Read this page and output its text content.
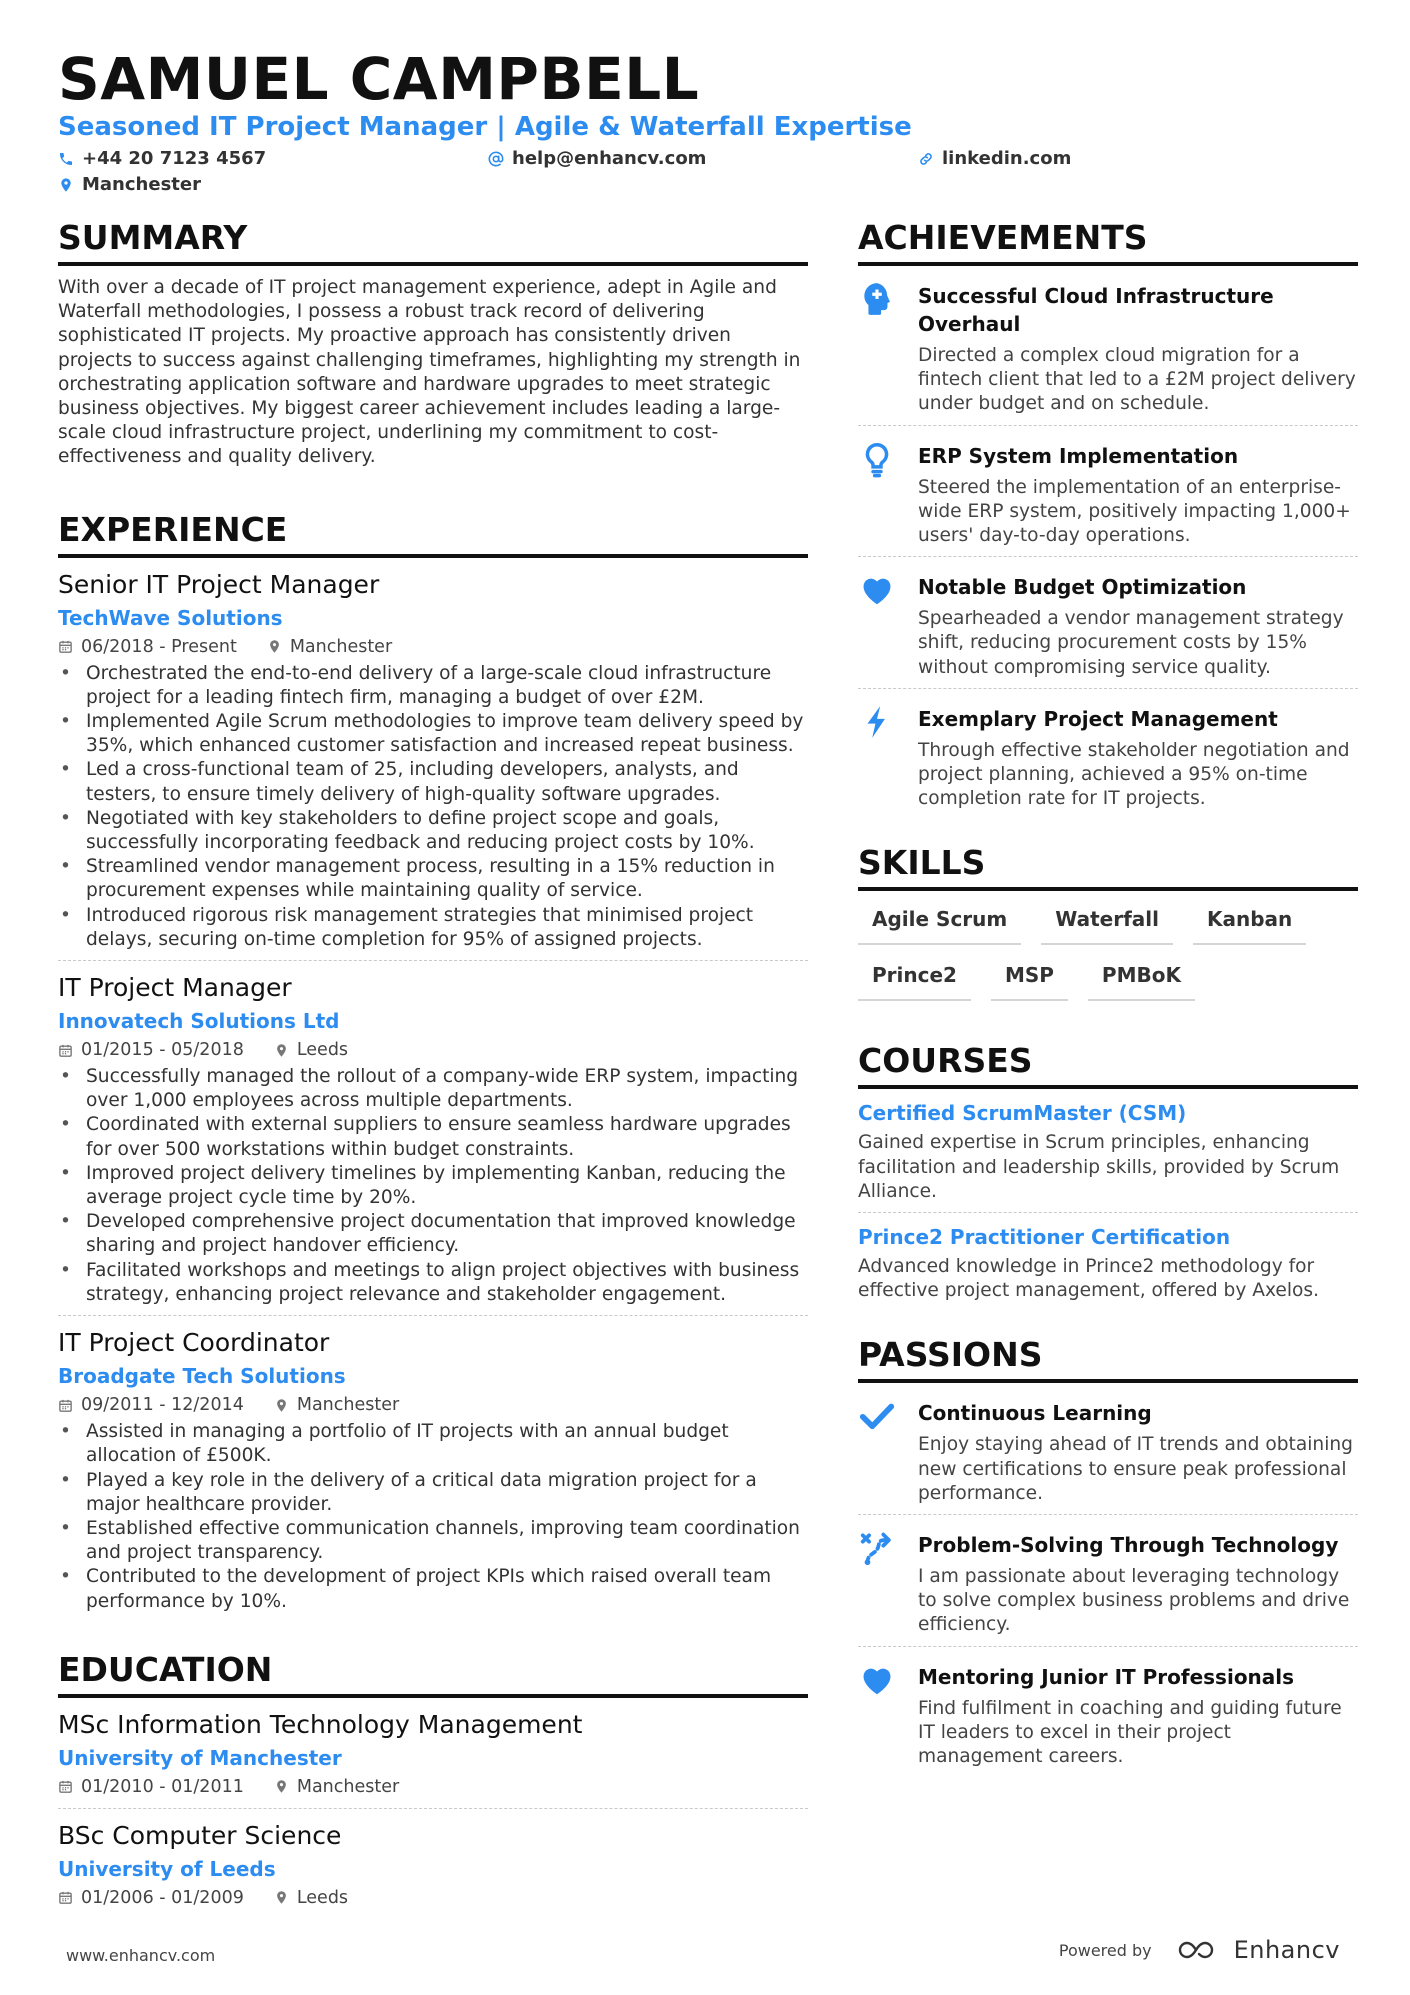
SAMUEL CAMPBELL
Seasoned IT Project Manager | Agile & Waterfall Expertise
+44 20 7123 4567	help@enhancv.com	linkedin.com
Manchester
SUMMARY
With over a decade of IT project management experience, adept in Agile and Waterfall methodologies, I possess a robust track record of delivering sophisticated IT projects. My proactive approach has consistently driven projects to success against challenging timeframes, highlighting my strength in orchestrating application software and hardware upgrades to meet strategic business objectives. My biggest career achievement includes leading a large-scale cloud infrastructure project, underlining my commitment to cost-effectiveness and quality delivery.
EXPERIENCE
Senior IT Project Manager
TechWave Solutions
06/2018 - Present	Manchester
• Orchestrated the end-to-end delivery of a large-scale cloud infrastructure project for a leading fintech firm, managing a budget of over £2M.
• Implemented Agile Scrum methodologies to improve team delivery speed by 35%, which enhanced customer satisfaction and increased repeat business.
• Led a cross-functional team of 25, including developers, analysts, and testers, to ensure timely delivery of high-quality software upgrades.
• Negotiated with key stakeholders to define project scope and goals, successfully incorporating feedback and reducing project costs by 10%.
• Streamlined vendor management process, resulting in a 15% reduction in procurement expenses while maintaining quality of service.
• Introduced rigorous risk management strategies that minimised project delays, securing on-time completion for 95% of assigned projects.
IT Project Manager
Innovatech Solutions Ltd
01/2015 - 05/2018	Leeds
• Successfully managed the rollout of a company-wide ERP system, impacting over 1,000 employees across multiple departments.
• Coordinated with external suppliers to ensure seamless hardware upgrades for over 500 workstations within budget constraints.
• Improved project delivery timelines by implementing Kanban, reducing the average project cycle time by 20%.
• Developed comprehensive project documentation that improved knowledge sharing and project handover efficiency.
• Facilitated workshops and meetings to align project objectives with business strategy, enhancing project relevance and stakeholder engagement.
IT Project Coordinator
Broadgate Tech Solutions
09/2011 - 12/2014	Manchester
• Assisted in managing a portfolio of IT projects with an annual budget allocation of £500K.
• Played a key role in the delivery of a critical data migration project for a major healthcare provider.
• Established effective communication channels, improving team coordination and project transparency.
• Contributed to the development of project KPIs which raised overall team performance by 10%.
EDUCATION
MSc Information Technology Management
University of Manchester
01/2010 - 01/2011	Manchester
BSc Computer Science
University of Leeds
01/2006 - 01/2009	Leeds
ACHIEVEMENTS
Successful Cloud Infrastructure Overhaul
Directed a complex cloud migration for a fintech client that led to a £2M project delivery under budget and on schedule.
ERP System Implementation
Steered the implementation of an enterprise-wide ERP system, positively impacting 1,000+ users' day-to-day operations.
Notable Budget Optimization
Spearheaded a vendor management strategy shift, reducing procurement costs by 15% without compromising service quality.
Exemplary Project Management
Through effective stakeholder negotiation and project planning, achieved a 95% on-time completion rate for IT projects.
SKILLS
Agile Scrum	Waterfall	Kanban
Prince2	MSP	PMBoK
COURSES
Certified ScrumMaster (CSM)
Gained expertise in Scrum principles, enhancing facilitation and leadership skills, provided by Scrum Alliance.
Prince2 Practitioner Certification
Advanced knowledge in Prince2 methodology for effective project management, offered by Axelos.
PASSIONS
Continuous Learning
Enjoy staying ahead of IT trends and obtaining new certifications to ensure peak professional performance.
Problem-Solving Through Technology
I am passionate about leveraging technology to solve complex business problems and drive efficiency.
Mentoring Junior IT Professionals
Find fulfilment in coaching and guiding future IT leaders to excel in their project management careers.
www.enhancv.com	Powered by	Enhancv
